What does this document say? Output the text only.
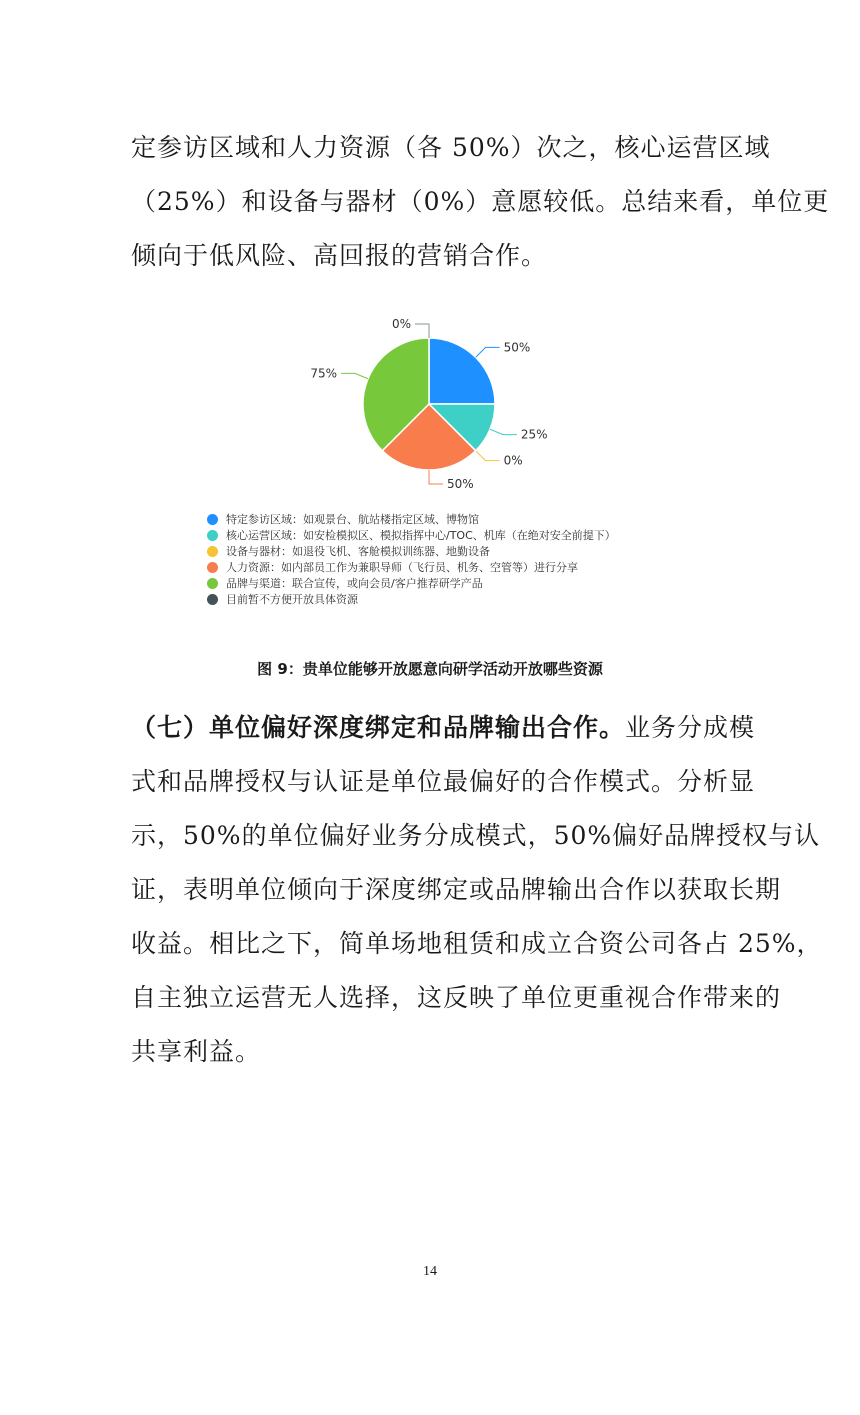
定参访区域和人力资源（各 50%）次之，核心运营区域
（25%）和设备与器材（0%）意愿较低。总结来看，单位更
倾向于低风险、高回报的营销合作。
50%
25%
0%
50%
75%
0%
特定参访区域：如观景台、航站楼指定区域、博物馆
核心运营区域：如安检模拟区、模拟指挥中心/TOC、机库（在绝对安全前提下）
设备与器材：如退役飞机、客舱模拟训练器、地勤设备
人力资源：如内部员工作为兼职导师（飞行员、机务、空管等）进行分享
品牌与渠道：联合宣传，或向会员/客户推荐研学产品
目前暂不方便开放具体资源
图 9：贵单位能够开放愿意向研学活动开放哪些资源
（七）单位偏好深度绑定和品牌输出合作。业务分成模
式和品牌授权与认证是单位最偏好的合作模式。分析显
示，50%的单位偏好业务分成模式，50%偏好品牌授权与认
证，表明单位倾向于深度绑定或品牌输出合作以获取长期
收益。相比之下，简单场地租赁和成立合资公司各占 25%，
自主独立运营无人选择，这反映了单位更重视合作带来的
共享利益。
14
